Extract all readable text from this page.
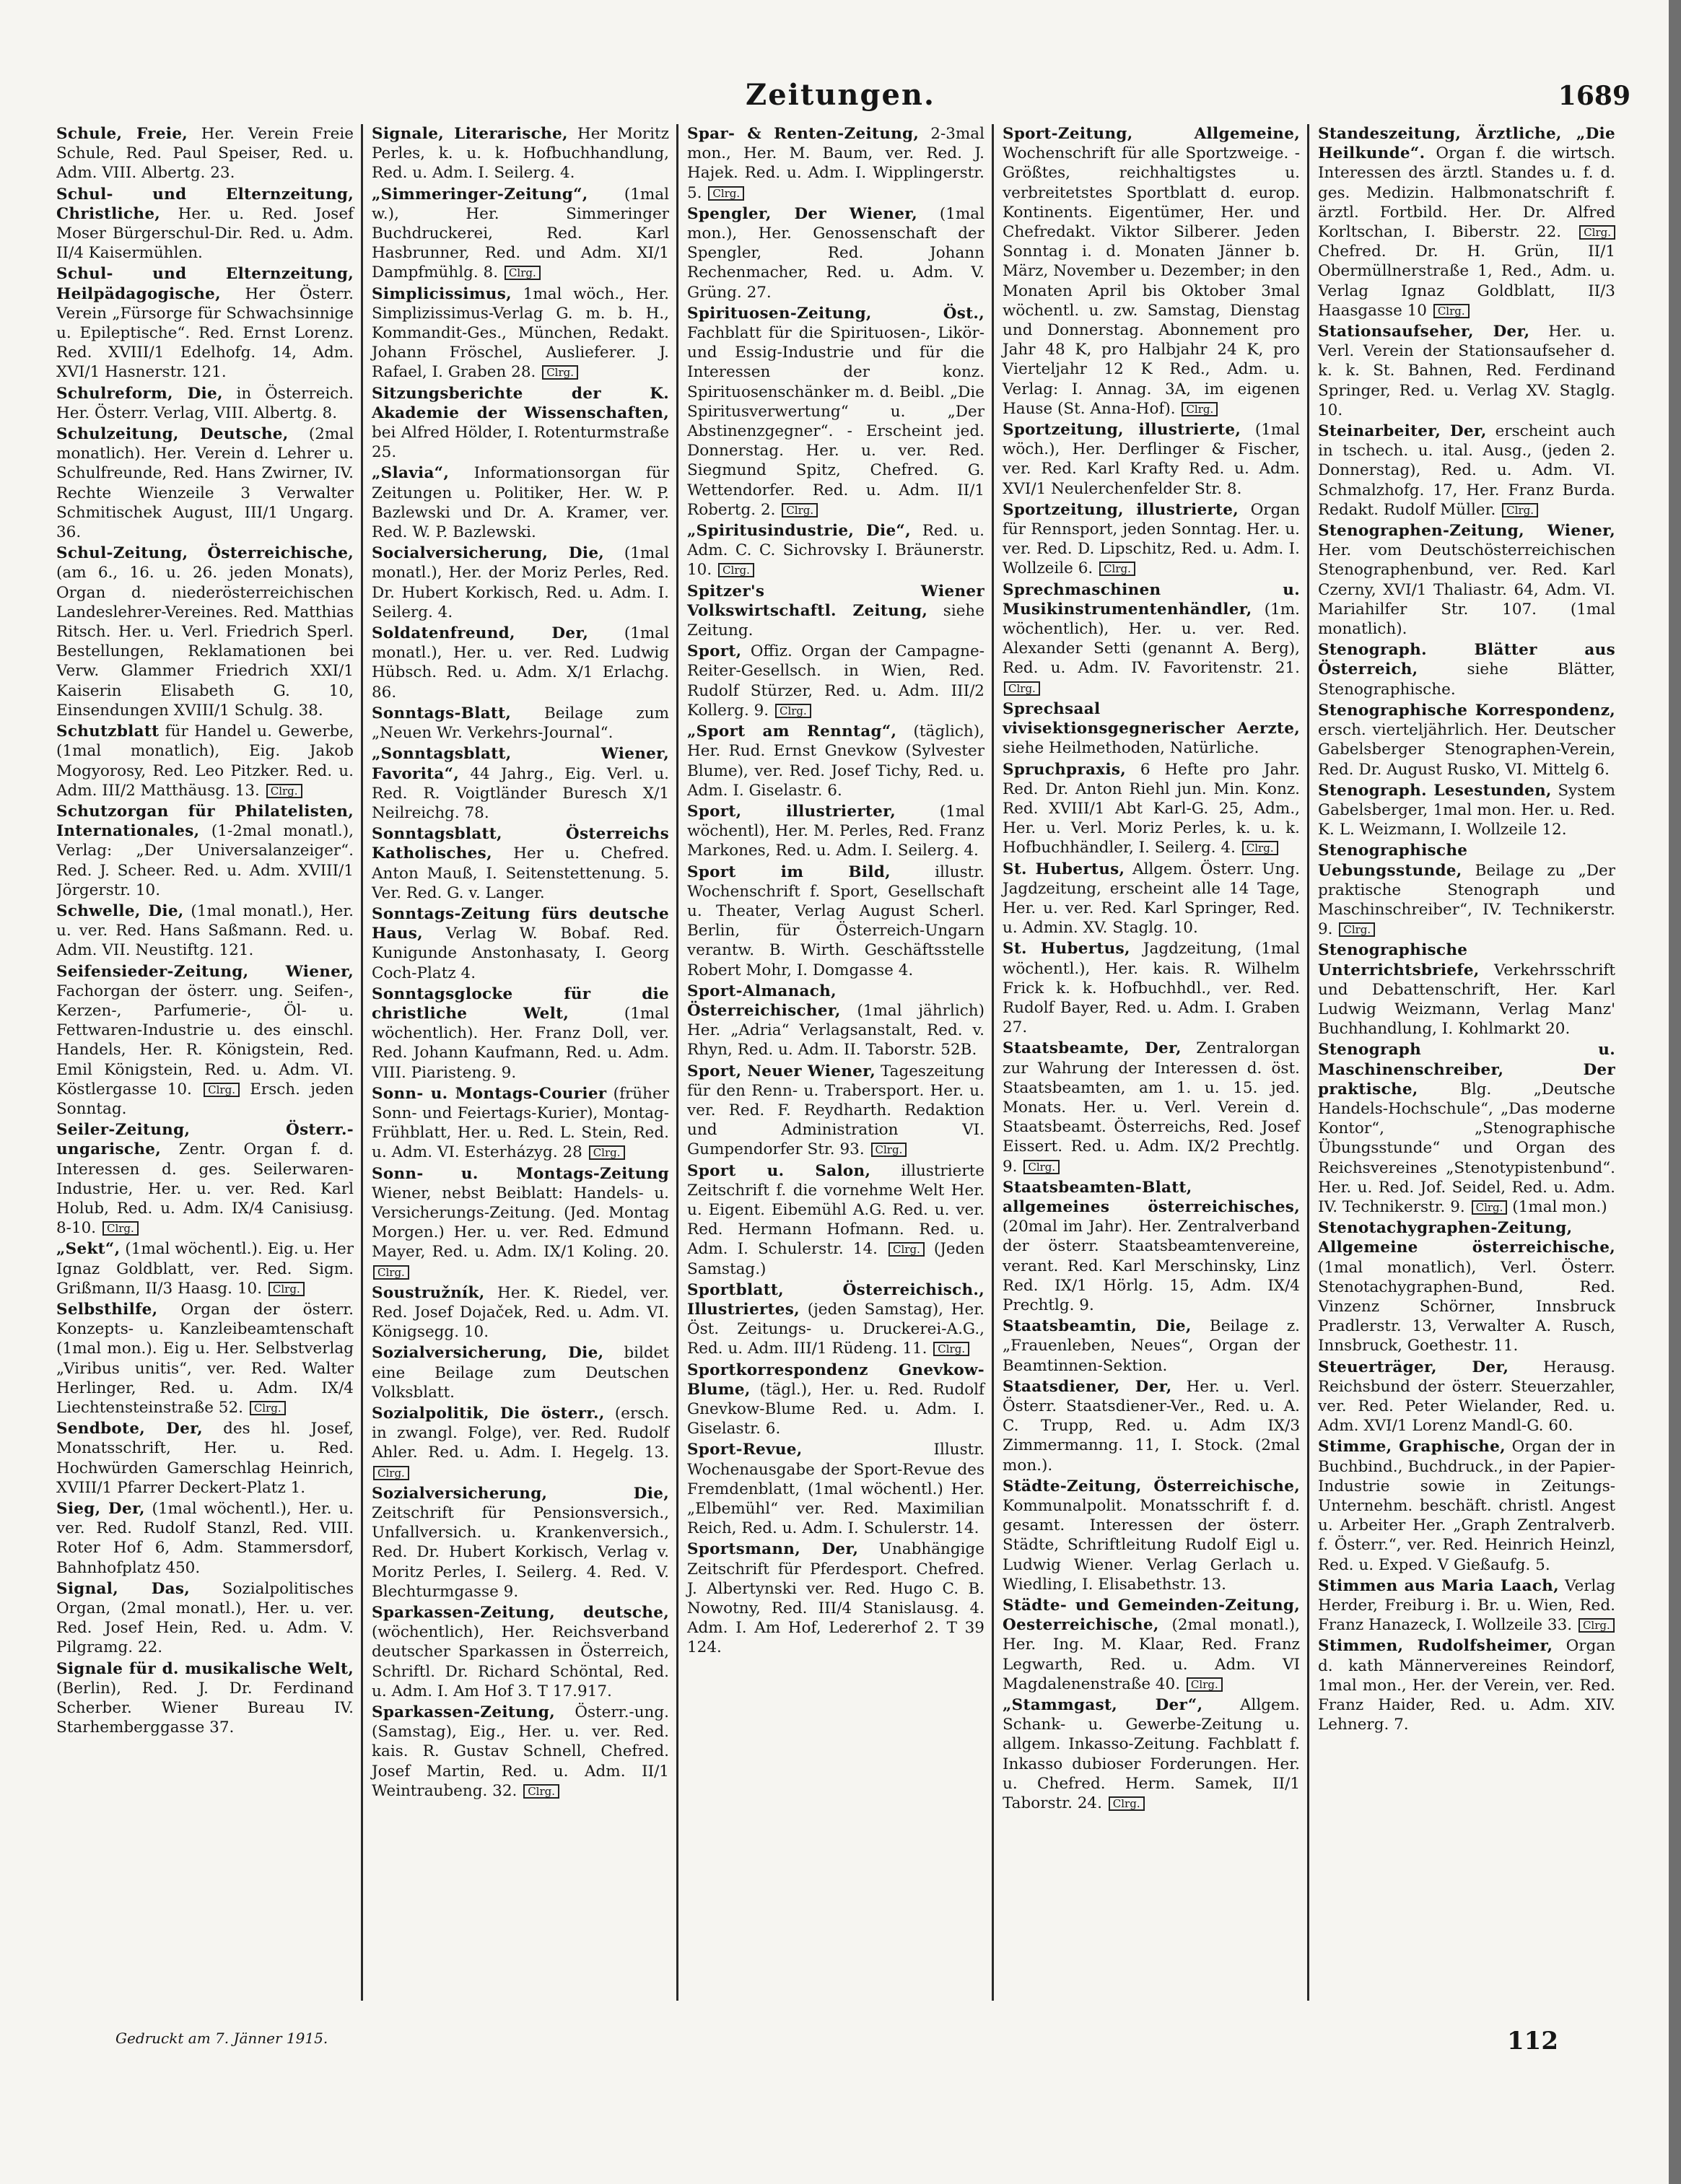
Zeitungen.	1689
Schule, Freie, Her. Verein Freie Schule, Red. Paul Speiser, Red. u. Adm. VIII. Albertg. 23.
Schul- und Elternzeitung, Christliche, Her. u. Red. Josef Moser Bürgerschul-Dir. Red. u. Adm. II/4 Kaisermühlen.
Schul- und Elternzeitung, Heilpädagogische, Her Österr. Verein „Fürsorge für Schwachsinnige u. Epileptische“. Red. Ernst Lorenz. Red. XVIII/1 Edelhofg. 14, Adm. XVI/1 Hasnerstr. 121.
Schulreform, Die, in Österreich. Her. Österr. Verlag, VIII. Albertg. 8.
Schulzeitung, Deutsche, (2mal monatlich). Her. Verein d. Lehrer u. Schulfreunde, Red. Hans Zwirner, IV. Rechte Wienzeile 3 Verwalter Schmitischek August, III/1 Ungarg. 36.
Schul-Zeitung, Österreichische, (am 6., 16. u. 26. jeden Monats), Organ d. niederösterreichischen Landeslehrer-Vereines. Red. Matthias Ritsch. Her. u. Verl. Friedrich Sperl. Bestellungen, Reklamationen bei Verw. Glammer Friedrich XXI/1 Kaiserin Elisabeth G. 10, Einsendungen XVIII/1 Schulg. 38.
Schutzblatt für Handel u. Gewerbe, (1mal monatlich), Eig. Jakob Mogyorosy, Red. Leo Pitzker. Red. u. Adm. III/2 Matthäusg. 13. Clrg.
Schutzorgan für Philatelisten, Internationales, (1-2mal monatl.), Verlag: „Der Universalanzeiger“. Red. J. Scheer. Red. u. Adm. XVIII/1 Jörgerstr. 10.
Schwelle, Die, (1mal monatl.), Her. u. ver. Red. Hans Saßmann. Red. u. Adm. VII. Neustiftg. 121.
Seifensieder-Zeitung, Wiener, Fachorgan der österr. ung. Seifen-, Kerzen-, Parfumerie-, Öl- u. Fettwaren-Industrie u. des einschl. Handels, Her. R. Königstein, Red. Emil Königstein, Red. u. Adm. VI. Köstlergasse 10. Clrg. Ersch. jeden Sonntag.
Seiler-Zeitung, Österr.-ungarische, Zentr. Organ f. d. Interessen d. ges. Seilerwaren-Industrie, Her. u. ver. Red. Karl Holub, Red. u. Adm. IX/4 Canisiusg. 8-10. Clrg.
„Sekt“, (1mal wöchentl.). Eig. u. Her Ignaz Goldblatt, ver. Red. Sigm. Grißmann, II/3 Haasg. 10. Clrg.
Selbsthilfe, Organ der österr. Konzepts- u. Kanzleibeamtenschaft (1mal mon.). Eig u. Her. Selbstverlag „Viribus unitis“, ver. Red. Walter Herlinger, Red. u. Adm. IX/4 Liechtensteinstraße 52. Clrg.
Sendbote, Der, des hl. Josef, Monatsschrift, Her. u. Red. Hochwürden Gamerschlag Heinrich, XVIII/1 Pfarrer Deckert-Platz 1.
Sieg, Der, (1mal wöchentl.), Her. u. ver. Red. Rudolf Stanzl, Red. VIII. Roter Hof 6, Adm. Stammersdorf, Bahnhofplatz 450.
Signal, Das, Sozialpolitisches Organ, (2mal monatl.), Her. u. ver. Red. Josef Hein, Red. u. Adm. V. Pilgramg. 22.
Signale für d. musikalische Welt, (Berlin), Red. J. Dr. Ferdinand Scherber. Wiener Bureau IV. Starhemberggasse 37.
Signale, Literarische, Her Moritz Perles, k. u. k. Hofbuchhandlung, Red. u. Adm. I. Seilerg. 4.
„Simmeringer-Zeitung“, (1mal w.), Her. Simmeringer Buchdruckerei, Red. Karl Hasbrunner, Red. und Adm. XI/1 Dampfmühlg. 8. Clrg.
Simplicissimus, 1mal wöch., Her. Simplizissimus-Verlag G. m. b. H., Kommandit-Ges., München, Redakt. Johann Fröschel, Auslieferer. J. Rafael, I. Graben 28. Clrg.
Sitzungsberichte der K. Akademie der Wissenschaften, bei Alfred Hölder, I. Rotenturmstraße 25.
„Slavia“, Informationsorgan für Zeitungen u. Politiker, Her. W. P. Bazlewski und Dr. A. Kramer, ver. Red. W. P. Bazlewski.
Socialversicherung, Die, (1mal monatl.), Her. der Moriz Perles, Red. Dr. Hubert Korkisch, Red. u. Adm. I. Seilerg. 4.
Soldatenfreund, Der, (1mal monatl.), Her. u. ver. Red. Ludwig Hübsch. Red. u. Adm. X/1 Erlachg. 86.
Sonntags-Blatt, Beilage zum „Neuen Wr. Verkehrs-Journal“.
„Sonntagsblatt, Wiener, Favorita“, 44 Jahrg., Eig. Verl. u. Red. R. Voigtländer Buresch X/1 Neilreichg. 78.
Sonntagsblatt, Österreichs Katholisches, Her u. Chefred. Anton Mauß, I. Seitenstettenung. 5. Ver. Red. G. v. Langer.
Sonntags-Zeitung fürs deutsche Haus, Verlag W. Bobaf. Red. Kunigunde Anstonhasaty, I. Georg Coch-Platz 4.
Sonntagsglocke für die christliche Welt, (1mal wöchentlich). Her. Franz Doll, ver. Red. Johann Kaufmann, Red. u. Adm. VIII. Piaristeng. 9.
Sonn- u. Montags-Courier (früher Sonn- und Feiertags-Kurier), Montag-Frühblatt, Her. u. Red. L. Stein, Red. u. Adm. VI. Esterházyg. 28 Clrg.
Sonn- u. Montags-Zeitung Wiener, nebst Beiblatt: Handels- u. Versicherungs-Zeitung. (Jed. Montag Morgen.) Her. u. ver. Red. Edmund Mayer, Red. u. Adm. IX/1 Koling. 20. Clrg.
Soustružník, Her. K. Riedel, ver. Red. Josef Dojaček, Red. u. Adm. VI. Königsegg. 10.
Sozialversicherung, Die, bildet eine Beilage zum Deutschen Volksblatt.
Sozialpolitik, Die österr., (ersch. in zwangl. Folge), ver. Red. Rudolf Ahler. Red. u. Adm. I. Hegelg. 13. Clrg.
Sozialversicherung, Die, Zeitschrift für Pensionsversich., Unfallversich. u. Krankenversich., Red. Dr. Hubert Korkisch, Verlag v. Moritz Perles, I. Seilerg. 4. Red. V. Blechturmgasse 9.
Sparkassen-Zeitung, deutsche, (wöchentlich), Her. Reichsverband deutscher Sparkassen in Österreich, Schriftl. Dr. Richard Schöntal, Red. u. Adm. I. Am Hof 3. T 17.917.
Sparkassen-Zeitung, Österr.-ung. (Samstag), Eig., Her. u. ver. Red. kais. R. Gustav Schnell, Chefred. Josef Martin, Red. u. Adm. II/1 Weintraubeng. 32. Clrg.
Spar- & Renten-Zeitung, 2-3mal mon., Her. M. Baum, ver. Red. J. Hajek. Red. u. Adm. I. Wipplingerstr. 5. Clrg.
Spengler, Der Wiener, (1mal mon.), Her. Genossenschaft der Spengler, Red. Johann Rechenmacher, Red. u. Adm. V. Grüng. 27.
Spirituosen-Zeitung, Öst., Fachblatt für die Spirituosen-, Likör- und Essig-Industrie und für die Interessen der konz. Spirituosenschänker m. d. Beibl. „Die Spiritusverwertung“ u. „Der Abstinenzgegner“. - Erscheint jed. Donnerstag. Her. u. ver. Red. Siegmund Spitz, Chefred. G. Wettendorfer. Red. u. Adm. II/1 Robertg. 2. Clrg.
„Spiritusindustrie, Die“, Red. u. Adm. C. C. Sichrovsky I. Bräunerstr. 10. Clrg.
Spitzer's Wiener Volkswirtschaftl. Zeitung, siehe Zeitung.
Sport, Offiz. Organ der Campagne-Reiter-Gesellsch. in Wien, Red. Rudolf Stürzer, Red. u. Adm. III/2 Kollerg. 9. Clrg.
„Sport am Renntag“, (täglich), Her. Rud. Ernst Gnevkow (Sylvester Blume), ver. Red. Josef Tichy, Red. u. Adm. I. Giselastr. 6.
Sport, illustrierter, (1mal wöchentl), Her. M. Perles, Red. Franz Markones, Red. u. Adm. I. Seilerg. 4.
Sport im Bild, illustr. Wochenschrift f. Sport, Gesellschaft u. Theater, Verlag August Scherl. Berlin, für Österreich-Ungarn verantw. B. Wirth. Geschäftsstelle Robert Mohr, I. Domgasse 4.
Sport-Almanach, Österreichischer, (1mal jährlich) Her. „Adria“ Verlagsanstalt, Red. v. Rhyn, Red. u. Adm. II. Taborstr. 52B.
Sport, Neuer Wiener, Tageszeitung für den Renn- u. Trabersport. Her. u. ver. Red. F. Reydharth. Redaktion und Administration VI. Gumpendorfer Str. 93. Clrg.
Sport u. Salon, illustrierte Zeitschrift f. die vornehme Welt Her. u. Eigent. Eibemühl A.G. Red. u. ver. Red. Hermann Hofmann. Red. u. Adm. I. Schulerstr. 14. Clrg. (Jeden Samstag.)
Sportblatt, Österreichisch., Illustriertes, (jeden Samstag), Her. Öst. Zeitungs- u. Druckerei-A.G., Red. u. Adm. III/1 Rüdeng. 11. Clrg.
Sportkorrespondenz Gnevkow-Blume, (tägl.), Her. u. Red. Rudolf Gnevkow-Blume Red. u. Adm. I. Giselastr. 6.
Sport-Revue, Illustr. Wochenausgabe der Sport-Revue des Fremdenblatt, (1mal wöchentl.) Her. „Elbemühl“ ver. Red. Maximilian Reich, Red. u. Adm. I. Schulerstr. 14.
Sportsmann, Der, Unabhängige Zeitschrift für Pferdesport. Chefred. J. Albertynski ver. Red. Hugo C. B. Nowotny, Red. III/4 Stanislausg. 4. Adm. I. Am Hof, Ledererhof 2. T 39 124.
Sport-Zeitung, Allgemeine, Wochenschrift für alle Sportzweige. -Größtes, reichhaltigstes u. verbreitetstes Sportblatt d. europ. Kontinents. Eigentümer, Her. und Chefredakt. Viktor Silberer. Jeden Sonntag i. d. Monaten Jänner b. März, November u. Dezember; in den Monaten April bis Oktober 3mal wöchentl. u. zw. Samstag, Dienstag und Donnerstag. Abonnement pro Jahr 48 K, pro Halbjahr 24 K, pro Vierteljahr 12 K Red., Adm. u. Verlag: I. Annag. 3A, im eigenen Hause (St. Anna-Hof). Clrg.
Sportzeitung, illustrierte, (1mal wöch.), Her. Derflinger & Fischer, ver. Red. Karl Krafty Red. u. Adm. XVI/1 Neulerchenfelder Str. 8.
Sportzeitung, illustrierte, Organ für Rennsport, jeden Sonntag. Her. u. ver. Red. D. Lipschitz, Red. u. Adm. I. Wollzeile 6. Clrg.
Sprechmaschinen u. Musikinstrumentenhändler, (1m. wöchentlich), Her. u. ver. Red. Alexander Setti (genannt A. Berg), Red. u. Adm. IV. Favoritenstr. 21. Clrg.
Sprechsaal vivisektionsgegnerischer Aerzte, siehe Heilmethoden, Natürliche.
Spruchpraxis, 6 Hefte pro Jahr. Red. Dr. Anton Riehl jun. Min. Konz. Red. XVIII/1 Abt Karl-G. 25, Adm., Her. u. Verl. Moriz Perles, k. u. k. Hofbuchhändler, I. Seilerg. 4. Clrg.
St. Hubertus, Allgem. Österr. Ung. Jagdzeitung, erscheint alle 14 Tage, Her. u. ver. Red. Karl Springer, Red. u. Admin. XV. Staglg. 10.
St. Hubertus, Jagdzeitung, (1mal wöchentl.), Her. kais. R. Wilhelm Frick k. k. Hofbuchhdl., ver. Red. Rudolf Bayer, Red. u. Adm. I. Graben 27.
Staatsbeamte, Der, Zentralorgan zur Wahrung der Interessen d. öst. Staatsbeamten, am 1. u. 15. jed. Monats. Her. u. Verl. Verein d. Staatsbeamt. Österreichs, Red. Josef Eissert. Red. u. Adm. IX/2 Prechtlg. 9. Clrg.
Staatsbeamten-Blatt, allgemeines österreichisches, (20mal im Jahr). Her. Zentralverband der österr. Staatsbeamtenvereine, verant. Red. Karl Merschinsky, Linz Red. IX/1 Hörlg. 15, Adm. IX/4 Prechtlg. 9.
Staatsbeamtin, Die, Beilage z. „Frauenleben, Neues“, Organ der Beamtinnen-Sektion.
Staatsdiener, Der, Her. u. Verl. Österr. Staatsdiener-Ver., Red. u. A. C. Trupp, Red. u. Adm IX/3 Zimmermanng. 11, I. Stock. (2mal mon.).
Städte-Zeitung, Österreichische, Kommunalpolit. Monatsschrift f. d. gesamt. Interessen der österr. Städte, Schriftleitung Rudolf Eigl u. Ludwig Wiener. Verlag Gerlach u. Wiedling, I. Elisabethstr. 13.
Städte- und Gemeinden-Zeitung, Oesterreichische, (2mal monatl.), Her. Ing. M. Klaar, Red. Franz Legwarth, Red. u. Adm. VI Magdalenenstraße 40. Clrg.
„Stammgast, Der“, Allgem. Schank- u. Gewerbe-Zeitung u. allgem. Inkasso-Zeitung. Fachblatt f. Inkasso dubioser Forderungen. Her. u. Chefred. Herm. Samek, II/1 Taborstr. 24. Clrg.
Standeszeitung, Ärztliche, „Die Heilkunde“. Organ f. die wirtsch. Interessen des ärztl. Standes u. f. d. ges. Medizin. Halbmonatschrift f. ärztl. Fortbild. Her. Dr. Alfred Korltschan, I. Biberstr. 22. Clrg. Chefred. Dr. H. Grün, II/1 Obermüllnerstraße 1, Red., Adm. u. Verlag Ignaz Goldblatt, II/3 Haasgasse 10 Clrg.
Stationsaufseher, Der, Her. u. Verl. Verein der Stationsaufseher d. k. k. St. Bahnen, Red. Ferdinand Springer, Red. u. Verlag XV. Staglg. 10.
Steinarbeiter, Der, erscheint auch in tschech. u. ital. Ausg., (jeden 2. Donnerstag), Red. u. Adm. VI. Schmalzhofg. 17, Her. Franz Burda. Redakt. Rudolf Müller. Clrg.
Stenographen-Zeitung, Wiener, Her. vom Deutschösterreichischen Stenographenbund, ver. Red. Karl Czerny, XVI/1 Thaliastr. 64, Adm. VI. Mariahilfer Str. 107. (1mal monatlich).
Stenograph. Blätter aus Österreich, siehe Blätter, Stenographische.
Stenographische Korrespondenz, ersch. vierteljährlich. Her. Deutscher Gabelsberger Stenographen-Verein, Red. Dr. August Rusko, VI. Mittelg 6.
Stenograph. Lesestunden, System Gabelsberger, 1mal mon. Her. u. Red. K. L. Weizmann, I. Wollzeile 12.
Stenographische Uebungsstunde, Beilage zu „Der praktische Stenograph und Maschinschreiber“, IV. Technikerstr. 9. Clrg.
Stenographische Unterrichtsbriefe, Verkehrsschrift und Debattenschrift, Her. Karl Ludwig Weizmann, Verlag Manz' Buchhandlung, I. Kohlmarkt 20.
Stenograph u. Maschinenschreiber, Der praktische, Blg. „Deutsche Handels-Hochschule“, „Das moderne Kontor“, „Stenographische Übungsstunde“ und Organ des Reichsvereines „Stenotypistenbund“. Her. u. Red. Jof. Seidel, Red. u. Adm. IV. Technikerstr. 9. Clrg. (1mal mon.)
Stenotachygraphen-Zeitung, Allgemeine österreichische, (1mal monatlich), Verl. Österr. Stenotachygraphen-Bund, Red. Vinzenz Schörner, Innsbruck Pradlerstr. 13, Verwalter A. Rusch, Innsbruck, Goethestr. 11.
Steuerträger, Der, Herausg. Reichsbund der österr. Steuerzahler, ver. Red. Peter Wielander, Red. u. Adm. XVI/1 Lorenz Mandl-G. 60.
Stimme, Graphische, Organ der in Buchbind., Buchdruck., in der Papier-Industrie sowie in Zeitungs-Unternehm. beschäft. christl. Angest u. Arbeiter Her. „Graph Zentralverb. f. Österr.“, ver. Red. Heinrich Heinzl, Red. u. Exped. V Gießaufg. 5.
Stimmen aus Maria Laach, Verlag Herder, Freiburg i. Br. u. Wien, Red. Franz Hanazeck, I. Wollzeile 33. Clrg.
Stimmen, Rudolfsheimer, Organ d. kath Männervereines Reindorf, 1mal mon., Her. der Verein, ver. Red. Franz Haider, Red. u. Adm. XIV. Lehnerg. 7.
Gedruckt am 7. Jänner 1915.	112
